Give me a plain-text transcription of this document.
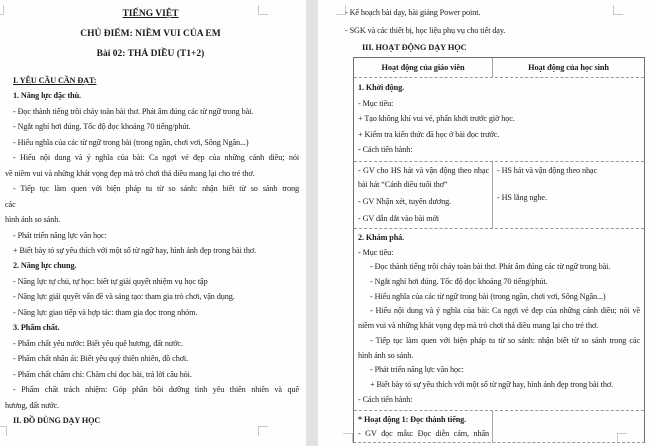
TIẾNG VIỆT
CHỦ ĐIỂM: NIỀM VUI CỦA EM
Bài 02: THẢ DIỀU (T1+2)
I. YÊU CẦU CẦN ĐẠT:
1. Năng lực đặc thù.
- Đọc thành tiếng trôi chảy toàn bài thơ. Phát âm đúng các từ ngữ trong bài.
- Ngắt nghỉ hơi đúng. Tốc độ đọc khoảng 70 tiếng/phút.
- Hiểu nghĩa của các từ ngữ trong bài (trong ngần, chơi vơi, Sông Ngân...)
- Hiểu nội dung và ý nghĩa của bài: Ca ngợi vẻ đẹp của những cánh diều; nói
về niềm vui và những khát vọng đẹp mà trò chơi thả diều mang lại cho trẻ thơ.
- Tiếp tục làm quen với biện pháp tu từ so sánh: nhận biết từ so sánh trong
các
hình ảnh so sánh.
- Phát triển năng lực văn học:
+ Biết bày tỏ sự yêu thích với một số từ ngữ hay, hình ảnh đẹp trong bài thơ.
2. Năng lực chung.
- Năng lực tự chủ, tự học: biết tự giải quyết nhiệm vụ học tập
- Năng lực giải quyết vấn đề và sáng tạo: tham gia trò chơi, vận dụng.
- Năng lực giao tiếp và hợp tác: tham gia đọc trong nhóm.
3. Phẩm chất.
- Phẩm chất yêu nước: Biết yêu quê hương, đất nước.
- Phẩm chất nhân ái: Biết yêu quý thiên nhiên, đồ chơi.
- Phẩm chất chăm chỉ: Chăm chỉ đọc bài, trả lời câu hỏi.
- Phẩm chất trách nhiệm: Góp phần bồi dưỡng tình yêu thiên nhiên và quê
hương, đất nước.
II. ĐỒ DÙNG DẠY HỌC
- Kế hoạch bài dạy, bài giảng Power point.
- SGK và các thiết bị, học liệu phụ vụ cho tiết dạy.
III. HOẠT ĐỘNG DẠY HỌC
Hoạt động của giáo viên	Hoạt động của học sinh
1. Khởi động.
- Mục tiêu:
+ Tạo không khí vui vẻ, phấn khởi trước giờ học.
+ Kiểm tra kiến thức đã học ở bài đọc trước.
- Cách tiến hành:
- GV cho HS hát và vận động theo nhạc
bài hát “Cánh diều tuổi thơ”
- GV Nhận xét, tuyên dương.
- GV dẫn dắt vào bài mới
- HS hát và vận động theo nhạc
- HS lắng nghe.
2. Khám phá.
- Mục tiêu:
- Đọc thành tiếng trôi chảy toàn bài thơ. Phát âm đúng các từ ngữ trong bài.
- Ngắt nghỉ hơi đúng. Tốc độ đọc khoảng 70 tiếng/phút.
- Hiểu nghĩa của các từ ngữ trong bài (trong ngần, chơi vơi, Sông Ngân...)
- Hiểu nội dung và ý nghĩa của bài: Ca ngợi vẻ đẹp của những cánh diều; nói về
niềm vui và những khát vọng đẹp mà trò chơi thả diều mang lại cho trẻ thơ.
- Tiếp tục làm quen với biện pháp tu từ so sánh: nhận biết từ so sánh trong các
hình ảnh so sánh.
- Phát triển năng lực văn học:
+ Biết bày tỏ sự yêu thích với một số từ ngữ hay, hình ảnh đẹp trong bài thơ.
- Cách tiến hành:
* Hoạt động 1: Đọc thành tiếng.
- GV đọc mẫu: Đọc diễn cảm, nhấn
